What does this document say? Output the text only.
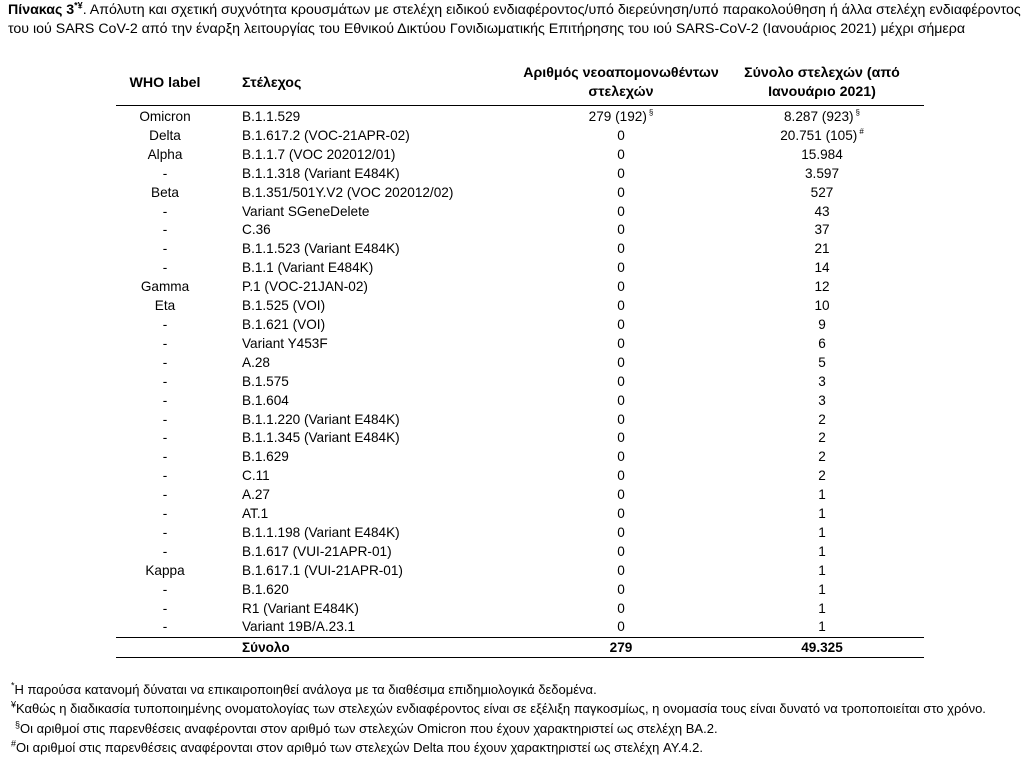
Πίνακας 3*¥. Απόλυτη και σχετική συχνότητα κρουσμάτων με στελέχη ειδικού ενδιαφέροντος/υπό διερεύνηση/υπό παρακολούθηση ή άλλα στελέχη ενδιαφέροντος του ιού SARS CoV-2 από την έναρξη λειτουργίας του Εθνικού Δικτύου Γονιδιωματικής Επιτήρησης του ιού SARS-CoV-2 (Ιανουάριος 2021) μέχρι σήμερα
WHO label	Στέλεχος	Αριθμός νεοαπομονωθέντων στελεχών	Σύνολο στελεχών (από Ιανουάριο 2021)
Omicron	B.1.1.529	279 (192) §	8.287 (923) §
Delta	B.1.617.2 (VOC-21APR-02)	0	20.751 (105) #
Alpha	B.1.1.7 (VOC 202012/01)	0	15.984
-	B.1.1.318 (Variant E484K)	0	3.597
Beta	B.1.351/501Y.V2 (VOC 202012/02)	0	527
-	Variant SGeneDelete	0	43
-	C.36	0	37
-	B.1.1.523 (Variant E484K)	0	21
-	B.1.1 (Variant E484K)	0	14
Gamma	P.1 (VOC-21JAN-02)	0	12
Eta	B.1.525 (VOI)	0	10
-	B.1.621 (VOI)	0	9
-	Variant Y453F	0	6
-	A.28	0	5
-	B.1.575	0	3
-	B.1.604	0	3
-	B.1.1.220 (Variant E484K)	0	2
-	B.1.1.345 (Variant E484K)	0	2
-	B.1.629	0	2
-	C.11	0	2
-	A.27	0	1
-	AT.1	0	1
-	B.1.1.198 (Variant E484K)	0	1
-	B.1.617 (VUI-21APR-01)	0	1
Kappa	B.1.617.1 (VUI-21APR-01)	0	1
-	B.1.620	0	1
-	R1 (Variant E484K)	0	1
-	Variant 19B/A.23.1	0	1
	Σύνολο	279	49.325

*Η παρούσα κατανομή δύναται να επικαιροποιηθεί ανάλογα με τα διαθέσιμα επιδημιολογικά δεδομένα.

¥Καθώς η διαδικασία τυποποιημένης ονοματολογίας των στελεχών ενδιαφέροντος είναι σε εξέλιξη παγκοσμίως, η ονομασία τους είναι δυνατό να τροποποιείται στο χρόνο.

§Οι αριθμοί στις παρενθέσεις αναφέρονται στον αριθμό των στελεχών Omicron που έχουν χαρακτηριστεί ως στελέχη BA.2.

#Οι αριθμοί στις παρενθέσεις αναφέρονται στον αριθμό των στελεχών Delta που έχουν χαρακτηριστεί ως στελέχη AY.4.2.
